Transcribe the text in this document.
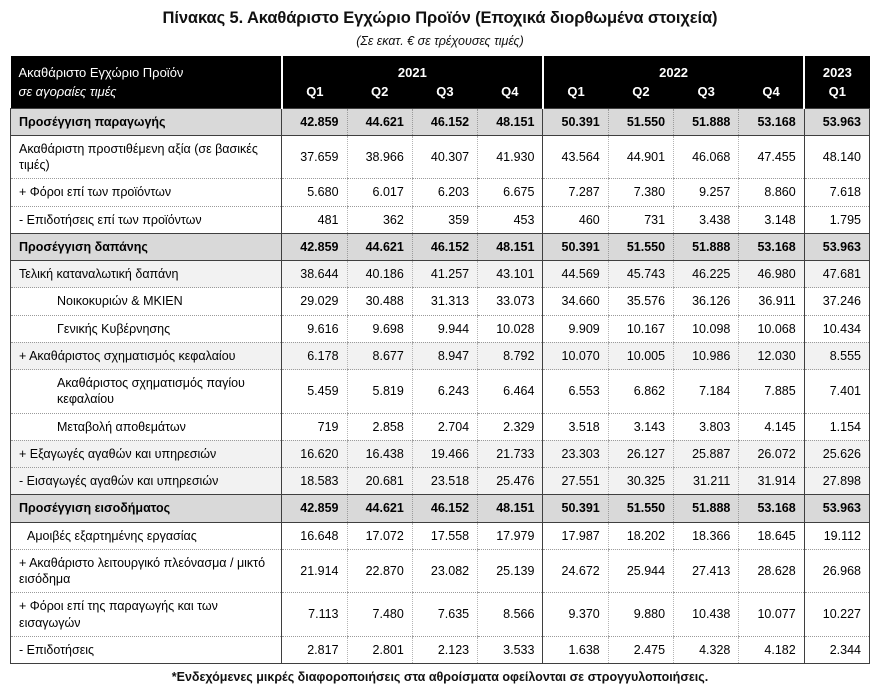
Πίνακας 5. Ακαθάριστο Εγχώριο Προϊόν (Εποχικά διορθωμένα στοιχεία)
(Σε εκατ. € σε τρέχουσες τιμές)
Ακαθάριστο Εγχώριο Προϊόν	2021				2022				2023
σε αγοραίες τιμές	Q1	Q2	Q3	Q4	Q1	Q2	Q3	Q4	Q1
Προσέγγιση παραγωγής	42.859	44.621	46.152	48.151	50.391	51.550	51.888	53.168	53.963
Ακαθάριστη προστιθέμενη αξία (σε βασικές τιμές)	37.659	38.966	40.307	41.930	43.564	44.901	46.068	47.455	48.140
+ Φόροι επί των προϊόντων	5.680	6.017	6.203	6.675	7.287	7.380	9.257	8.860	7.618
- Επιδοτήσεις επί των προϊόντων	481	362	359	453	460	731	3.438	3.148	1.795
Προσέγγιση δαπάνης	42.859	44.621	46.152	48.151	50.391	51.550	51.888	53.168	53.963
Τελική καταναλωτική δαπάνη	38.644	40.186	41.257	43.101	44.569	45.743	46.225	46.980	47.681
Νοικοκυριών & ΜΚΙΕΝ	29.029	30.488	31.313	33.073	34.660	35.576	36.126	36.911	37.246
Γενικής Κυβέρνησης	9.616	9.698	9.944	10.028	9.909	10.167	10.098	10.068	10.434
+ Ακαθάριστος σχηματισμός κεφαλαίου	6.178	8.677	8.947	8.792	10.070	10.005	10.986	12.030	8.555
Ακαθάριστος σχηματισμός παγίου κεφαλαίου	5.459	5.819	6.243	6.464	6.553	6.862	7.184	7.885	7.401
Μεταβολή αποθεμάτων	719	2.858	2.704	2.329	3.518	3.143	3.803	4.145	1.154
+ Εξαγωγές αγαθών και υπηρεσιών	16.620	16.438	19.466	21.733	23.303	26.127	25.887	26.072	25.626
- Εισαγωγές αγαθών και υπηρεσιών	18.583	20.681	23.518	25.476	27.551	30.325	31.211	31.914	27.898
Προσέγγιση εισοδήματος	42.859	44.621	46.152	48.151	50.391	51.550	51.888	53.168	53.963
Αμοιβές εξαρτημένης εργασίας	16.648	17.072	17.558	17.979	17.987	18.202	18.366	18.645	19.112
+ Ακαθάριστο λειτουργικό πλεόνασμα / μικτό εισόδημα	21.914	22.870	23.082	25.139	24.672	25.944	27.413	28.628	26.968
+ Φόροι επί της παραγωγής και των εισαγωγών	7.113	7.480	7.635	8.566	9.370	9.880	10.438	10.077	10.227
- Επιδοτήσεις	2.817	2.801	2.123	3.533	1.638	2.475	4.328	4.182	2.344
*Ενδεχόμενες μικρές διαφοροποιήσεις στα αθροίσματα οφείλονται σε στρογγυλοποιήσεις.
